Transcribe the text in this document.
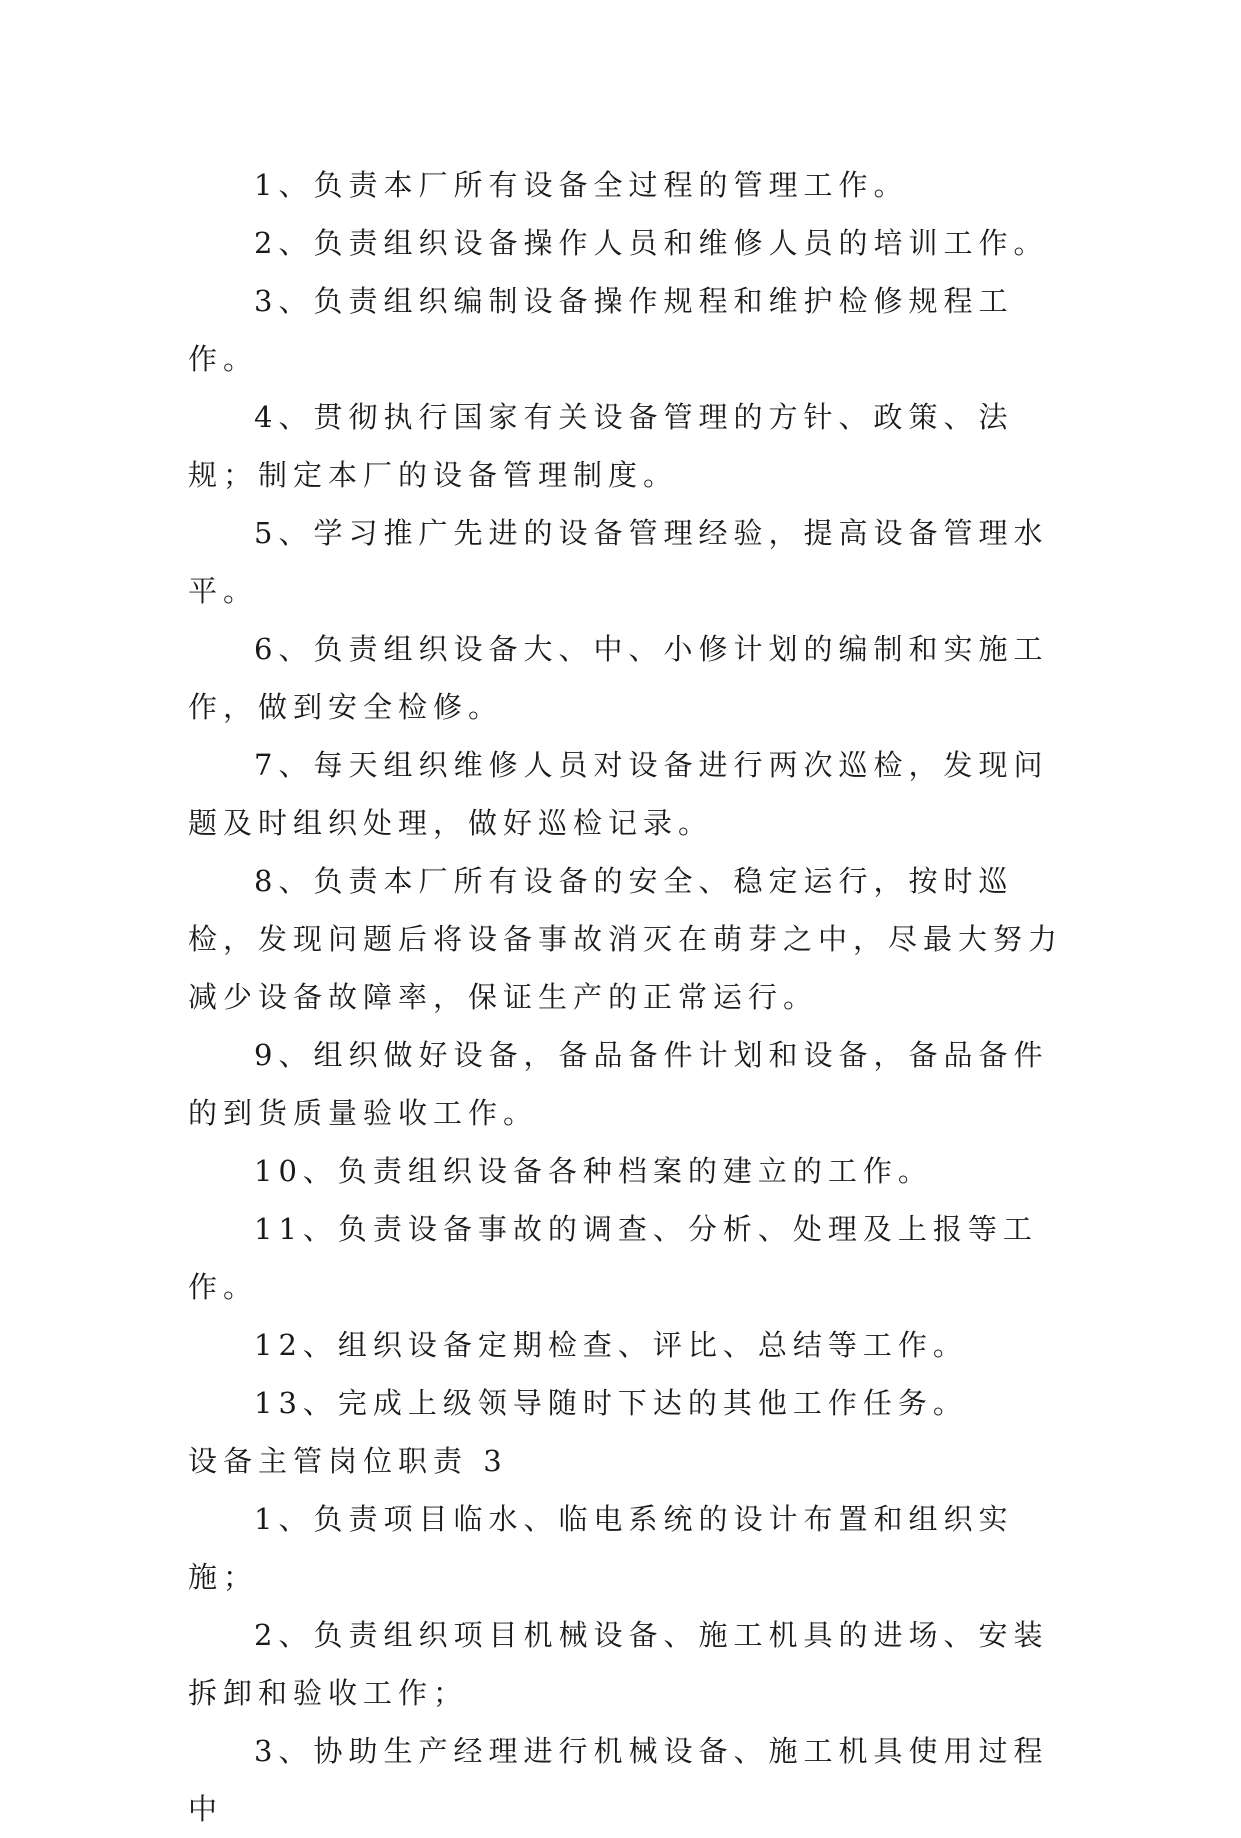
1、负责本厂所有设备全过程的管理工作。

2、负责组织设备操作人员和维修人员的培训工作。

3、负责组织编制设备操作规程和维护检修规程工作。

4、贯彻执行国家有关设备管理的方针、政策、法规；制定本厂的设备管理制度。

5、学习推广先进的设备管理经验，提高设备管理水平。

6、负责组织设备大、中、小修计划的编制和实施工作，做到安全检修。

7、每天组织维修人员对设备进行两次巡检，发现问题及时组织处理，做好巡检记录。

8、负责本厂所有设备的安全、稳定运行，按时巡检，发现问题后将设备事故消灭在萌芽之中，尽最大努力减少设备故障率，保证生产的正常运行。

9、组织做好设备，备品备件计划和设备，备品备件的到货质量验收工作。

10、负责组织设备各种档案的建立的工作。

11、负责设备事故的调查、分析、处理及上报等工作。

12、组织设备定期检查、评比、总结等工作。

13、完成上级领导随时下达的其他工作任务。

设备主管岗位职责 3

1、负责项目临水、临电系统的设计布置和组织实施；

2、负责组织项目机械设备、施工机具的进场、安装拆卸和验收工作；

3、协助生产经理进行机械设备、施工机具使用过程中
